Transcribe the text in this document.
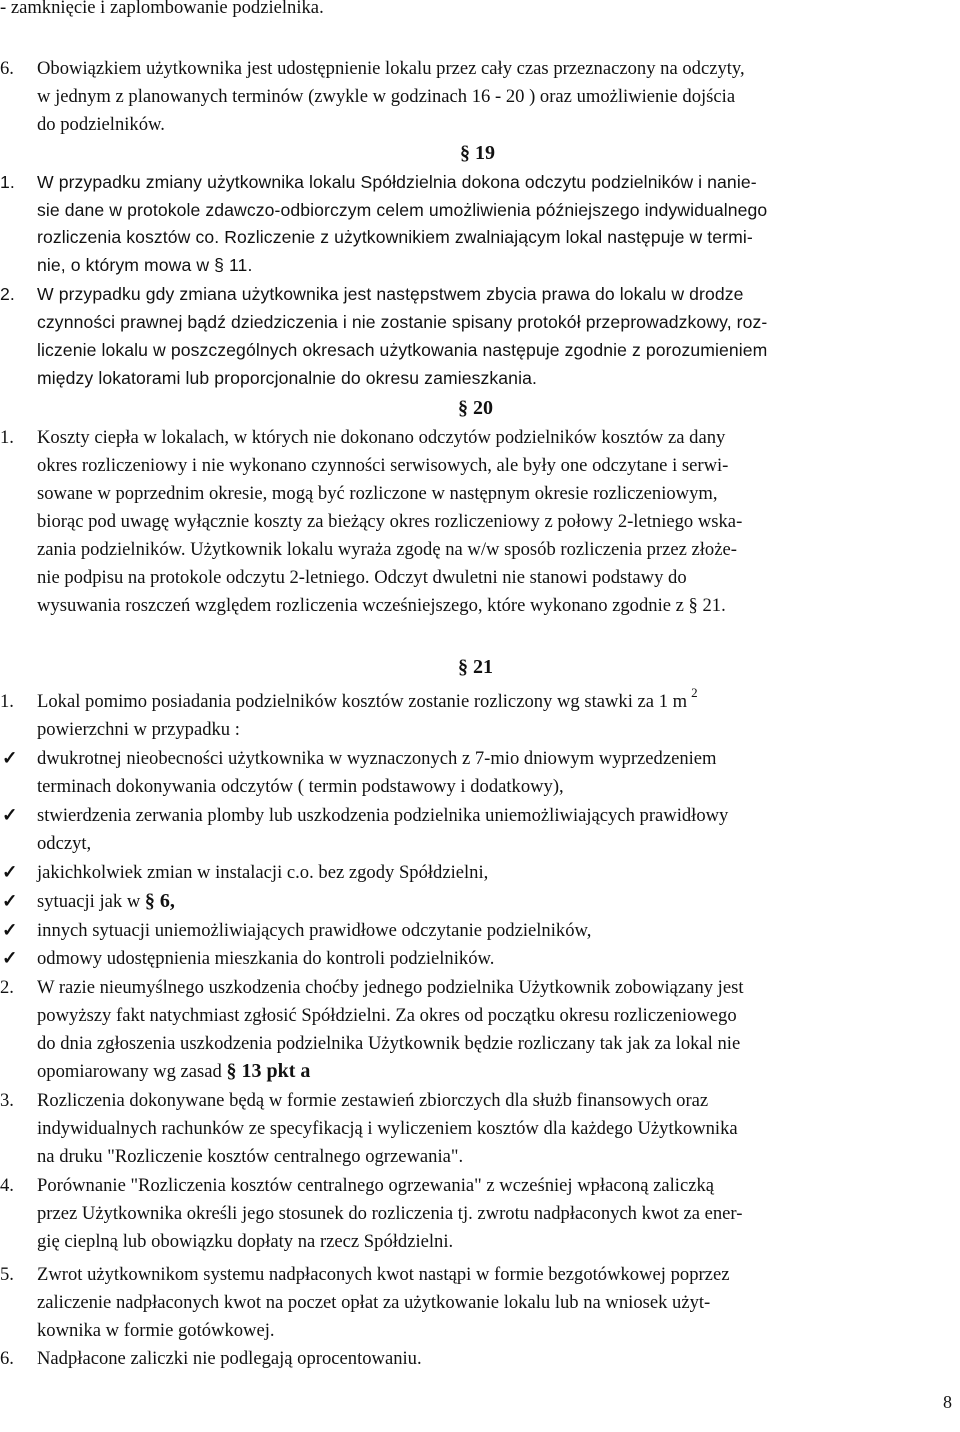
- zamknięcie i zaplombowanie podzielnika.
6.	Obowiązkiem użytkownika jest udostępnienie lokalu przez cały czas przeznaczony na odczyty,
w jednym z planowanych terminów (zwykle w godzinach 16 - 20 ) oraz umożliwienie dojścia
do podzielników.
§ 19
1.	W przypadku zmiany użytkownika lokalu Spółdzielnia dokona odczytu podzielników i nanie-
sie dane w protokole zdawczo-odbiorczym celem umożliwienia późniejszego indywidualnego
rozliczenia kosztów co. Rozliczenie z użytkownikiem zwalniającym lokal następuje w termi-
nie, o którym mowa w § 11.
2.	W przypadku gdy zmiana użytkownika jest następstwem zbycia prawa do lokalu w drodze
czynności prawnej bądź dziedziczenia i nie zostanie spisany protokół przeprowadzkowy, roz-
liczenie lokalu w poszczególnych okresach użytkowania następuje zgodnie z porozumieniem
między lokatorami lub proporcjonalnie do okresu zamieszkania.
§ 20
1.	Koszty ciepła w lokalach, w których nie dokonano odczytów podzielników kosztów za dany
okres rozliczeniowy i nie wykonano czynności serwisowych, ale były one odczytane i serwi-
sowane w poprzednim okresie, mogą być rozliczone w następnym okresie rozliczeniowym,
biorąc pod uwagę wyłącznie koszty za bieżący okres rozliczeniowy z połowy 2-letniego wska-
zania podzielników. Użytkownik lokalu wyraża zgodę na w/w sposób rozliczenia przez złoże-
nie podpisu na protokole odczytu 2-letniego. Odczyt dwuletni nie stanowi podstawy do
wysuwania roszczeń względem rozliczenia wcześniejszego, które wykonano zgodnie z § 21.
§ 21
1.	Lokal pomimo posiadania podzielników kosztów zostanie rozliczony wg stawki za 1 m $^2$
powierzchni w przypadku :
✓	dwukrotnej nieobecności użytkownika w wyznaczonych z 7-mio dniowym wyprzedzeniem
terminach dokonywania odczytów ( termin podstawowy i dodatkowy),
✓	stwierdzenia zerwania plomby lub uszkodzenia podzielnika uniemożliwiających prawidłowy
odczyt,
✓	jakichkolwiek zmian w instalacji c.o. bez zgody Spółdzielni,
✓	sytuacji jak w § 6,
✓	innych sytuacji uniemożliwiających prawidłowe odczytanie podzielników,
✓	odmowy udostępnienia mieszkania do kontroli podzielników.
2.	W razie nieumyślnego uszkodzenia choćby jednego podzielnika Użytkownik zobowiązany jest
powyższy fakt natychmiast zgłosić Spółdzielni. Za okres od początku okresu rozliczeniowego
do dnia zgłoszenia uszkodzenia podzielnika Użytkownik będzie rozliczany tak jak za lokal nie
opomiarowany wg zasad § 13 pkt a
3.	Rozliczenia dokonywane będą w formie zestawień zbiorczych dla służb finansowych oraz
indywidualnych rachunków ze specyfikacją i wyliczeniem kosztów dla każdego Użytkownika
na druku "Rozliczenie kosztów centralnego ogrzewania".
4.	Porównanie "Rozliczenia kosztów centralnego ogrzewania" z wcześniej wpłaconą zaliczką
przez Użytkownika określi jego stosunek do rozliczenia tj. zwrotu nadpłaconych kwot za ener-
gię cieplną lub obowiązku dopłaty na rzecz Spółdzielni.
5.	Zwrot użytkownikom systemu nadpłaconych kwot nastąpi w formie bezgotówkowej poprzez
zaliczenie nadpłaconych kwot na poczet opłat za użytkowanie lokalu lub na wniosek użyt-
kownika w formie gotówkowej.
6.	Nadpłacone zaliczki nie podlegają oprocentowaniu.
8
